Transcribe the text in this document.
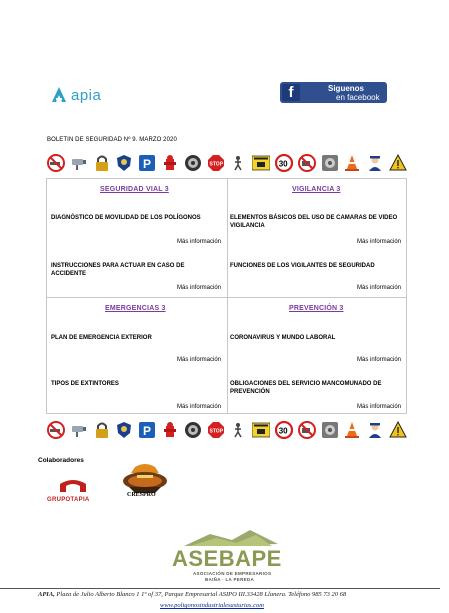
apia	f	Siguenos
en facebook
BOLETIN DE SEGURIDAD Nº 9. MARZO 2020
P	STOP	30
SEGURIDAD VIAL 3
DIAGNÓSTICO DE MOVILIDAD DE LOS POLÍGONOS
Más información
INSTRUCCIONES PARA ACTUAR EN CASO DE ACCIDENTE
Más información
VIGILANCIA 3
ELEMENTOS BÁSICOS DEL USO DE CAMARAS DE VIDEO VIGILANCIA
Más información
FUNCIONES DE LOS VIGILANTES DE SEGURIDAD
Más información
EMERGENCIAS 3
PLAN DE EMERGENCIA EXTERIOR
Más información
TIPOS DE EXTINTORES
Más información
PREVENCIÓN 3
CORONAVIRUS Y MUNDO LABORAL
Más información
OBLIGACIONES DEL SERVICIO MANCOMUNADO DE PREVENCIÓN
Más información
P	STOP	30
Colaboradores
GRUPOTAPIA
CRESPRO
ASEBAPE
ASOCIACIÓN DE EMPRESARIOS
BAIÑA · LA PEREDA
APIA, Plaza de Julio Alberto Blanco 1 1º of 37, Parque Empresarial ASIPO III.33428 Llanera. Teléfono 985 73 20 68
www.poligonosindustrialesasturias.com
